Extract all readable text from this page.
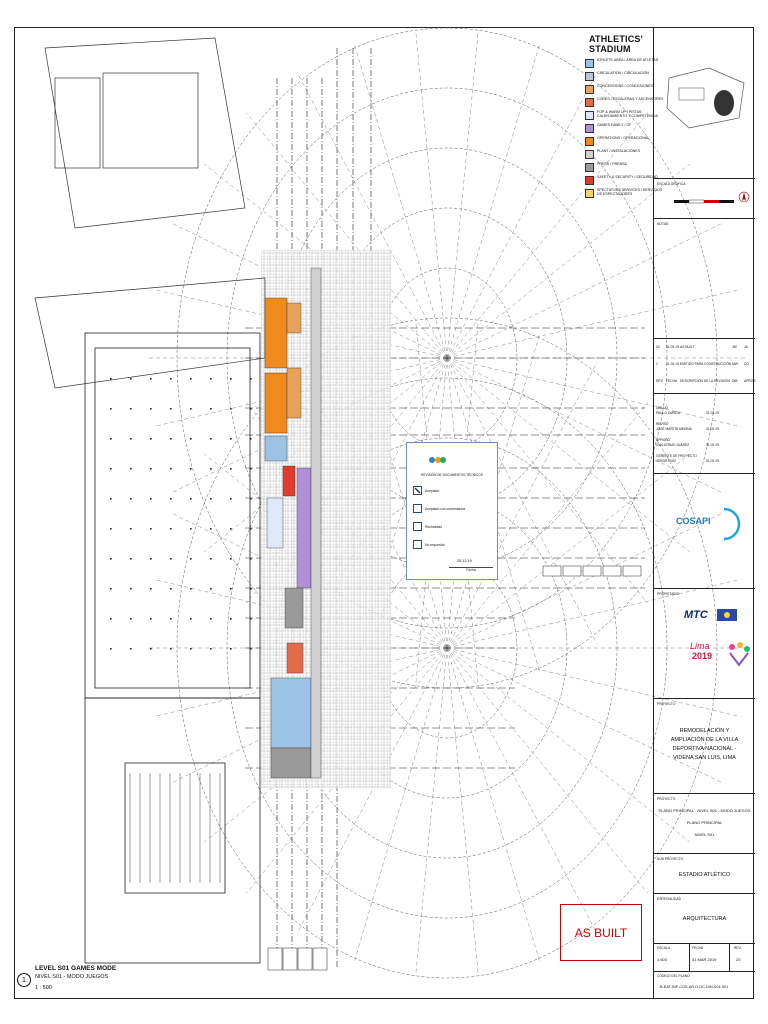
ATHLETICS' STADIUM
ATHLETE AREA / ÁREA DE ATLETAS
CIRCULATION / CIRCULACIÓN
CONCESSIONS / CONCESIONES
CORES / ESCALERAS Y ASCENSORES
FOP & WARM UP / PISTAS CALENTAMIENTO Y COMPETENCIA
GAMES FAMILY / GF
OPERATIONS / OPERACIONAL
PLANT / INSTALACIONES
PRESS / PRENSA
SAFETY & SECURITY / SEGURIDAD
SPECTATORS SERVICES / SERVICIOS DE ESPECTADORES
REVISIÓN DE DOCUMENTOS TÉCNICOS
Aceptado
Aceptado con comentarios
Rechazado
No requerido
25.12.19
Fecha
AS BUILT
1
LEVEL S01 GAMES MODE
NIVEL S01 - MODO JUEGOS
1 : 500
ESCALA GRÁFICA
NOTAS:
20 31.03.19 AS BUILT	JW JA
1 21.03.19 EMITIDO PARA CONSTRUCCIÓN MW CO
REV FECHA DESCRIPCIÓN DE LA REVISIÓN DIB APROB
DIBUJÓ
PAULO ZAPATA	31.03.19
REVISÓ
JOSÉ MARTÍN MEDINA	31.03.19
APROBÓ
GUILLERMO JUÁREZ	31.03.19
GERENTE DE PROYECTO
JORGE RUÍZ	31.03.19
COSAPI
PROPIETARIO
MTC
Lima
2019
PROYECTO
REMODELACIÓN Y AMPLIACIÓN DE LA VILLA DEPORTIVA NACIONAL - VIDENA SAN LUIS, LIMA
PROYECTO
PLANO PRINCIPAL - NIVEL S01 - MODO JUEGOS
PLANO PRINCIPAL
NIVEL S01
SUB PROYECTO
ESTADIO ATLÉTICO
ESPECIALIDAD
ARQUITECTURA
ESCALA
1:500
FECHA
31 MAR 2019
REV.
20
CÓDIGO DEL PLANO
B-EAT-INF-COS-AR-D-DC-DIN-S01-001
